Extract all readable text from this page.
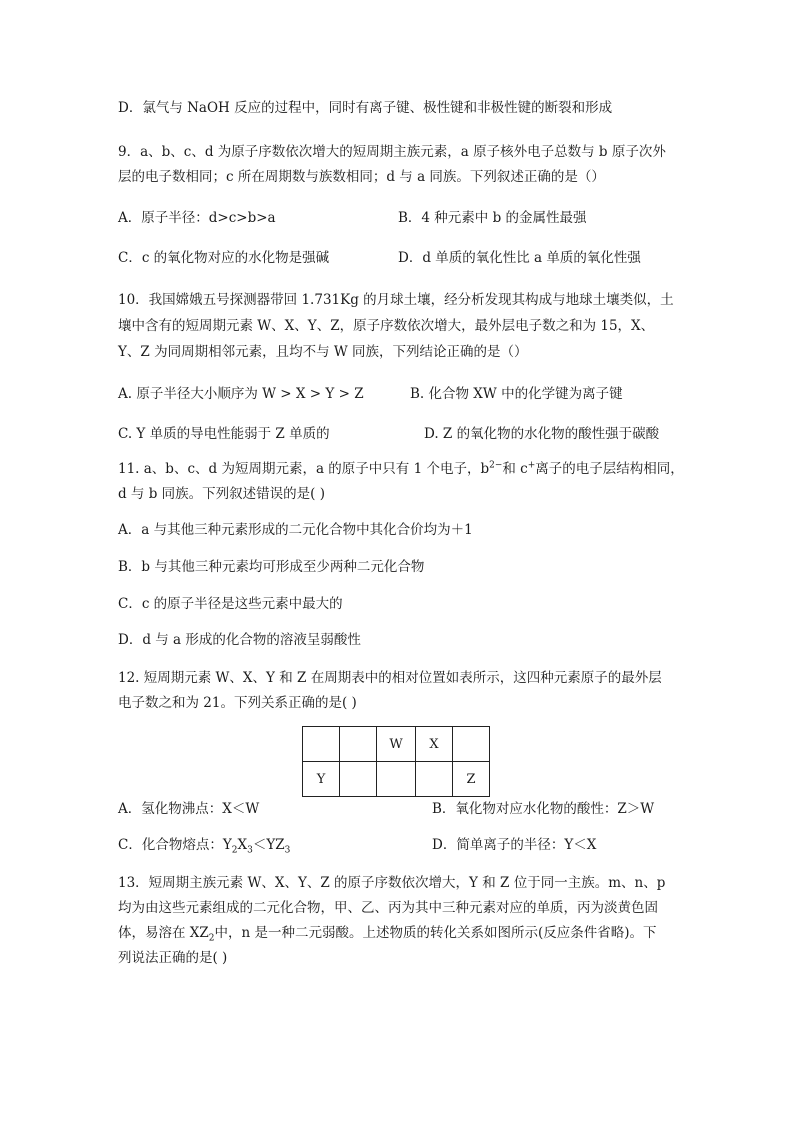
D．氯气与 NaOH 反应的过程中，同时有离子键、极性键和非极性键的断裂和形成
9．a、b、c、d 为原子序数依次增大的短周期主族元素，a 原子核外电子总数与 b 原子次外
层的电子数相同；c 所在周期数与族数相同；d 与 a 同族。下列叙述正确的是（）
A．原子半径：d>c>b>a	B．4 种元素中 b 的金属性最强
C．c 的氧化物对应的水化物是强碱	D．d 单质的氧化性比 a 单质的氧化性强
10．我国嫦娥五号探测器带回 1.731Kg 的月球土壤，经分析发现其构成与地球土壤类似，土
壤中含有的短周期元素 W、X、Y、Z，原子序数依次增大，最外层电子数之和为 15，X、
Y、Z 为同周期相邻元素，且均不与 W 同族，下列结论正确的是（）
A. 原子半径大小顺序为 W > X > Y > Z	B. 化合物 XW 中的化学键为离子键
C. Y 单质的导电性能弱于 Z 单质的	D. Z 的氧化物的水化物的酸性强于碳酸
11. a、b、c、d 为短周期元素，a 的原子中只有 1 个电子，$b^{2-}$和 c+离子的电子层结构相同，
d 与 b 同族。下列叙述错误的是( )
A．a 与其他三种元素形成的二元化合物中其化合价均为＋1
B．b 与其他三种元素均可形成至少两种二元化合物
C．c 的原子半径是这些元素中最大的
D．d 与 a 形成的化合物的溶液呈弱酸性
12. 短周期元素 W、X、Y 和 Z 在周期表中的相对位置如表所示，这四种元素原子的最外层
电子数之和为 21。下列关系正确的是( )
		W	X	
Y				Z
A．氢化物沸点：X＜W	B．氧化物对应水化物的酸性：Z＞W
C．化合物熔点：$Y_2X_3<YZ_3$	D．简单离子的半径：Y＜X
13．短周期主族元素 W、X、Y、Z 的原子序数依次增大，Y 和 Z 位于同一主族。m、n、p
均为由这些元素组成的二元化合物，甲、乙、丙为其中三种元素对应的单质，丙为淡黄色固
体，易溶在 $XZ_2$中，n 是一种二元弱酸。上述物质的转化关系如图所示(反应条件省略)。下
列说法正确的是( )
